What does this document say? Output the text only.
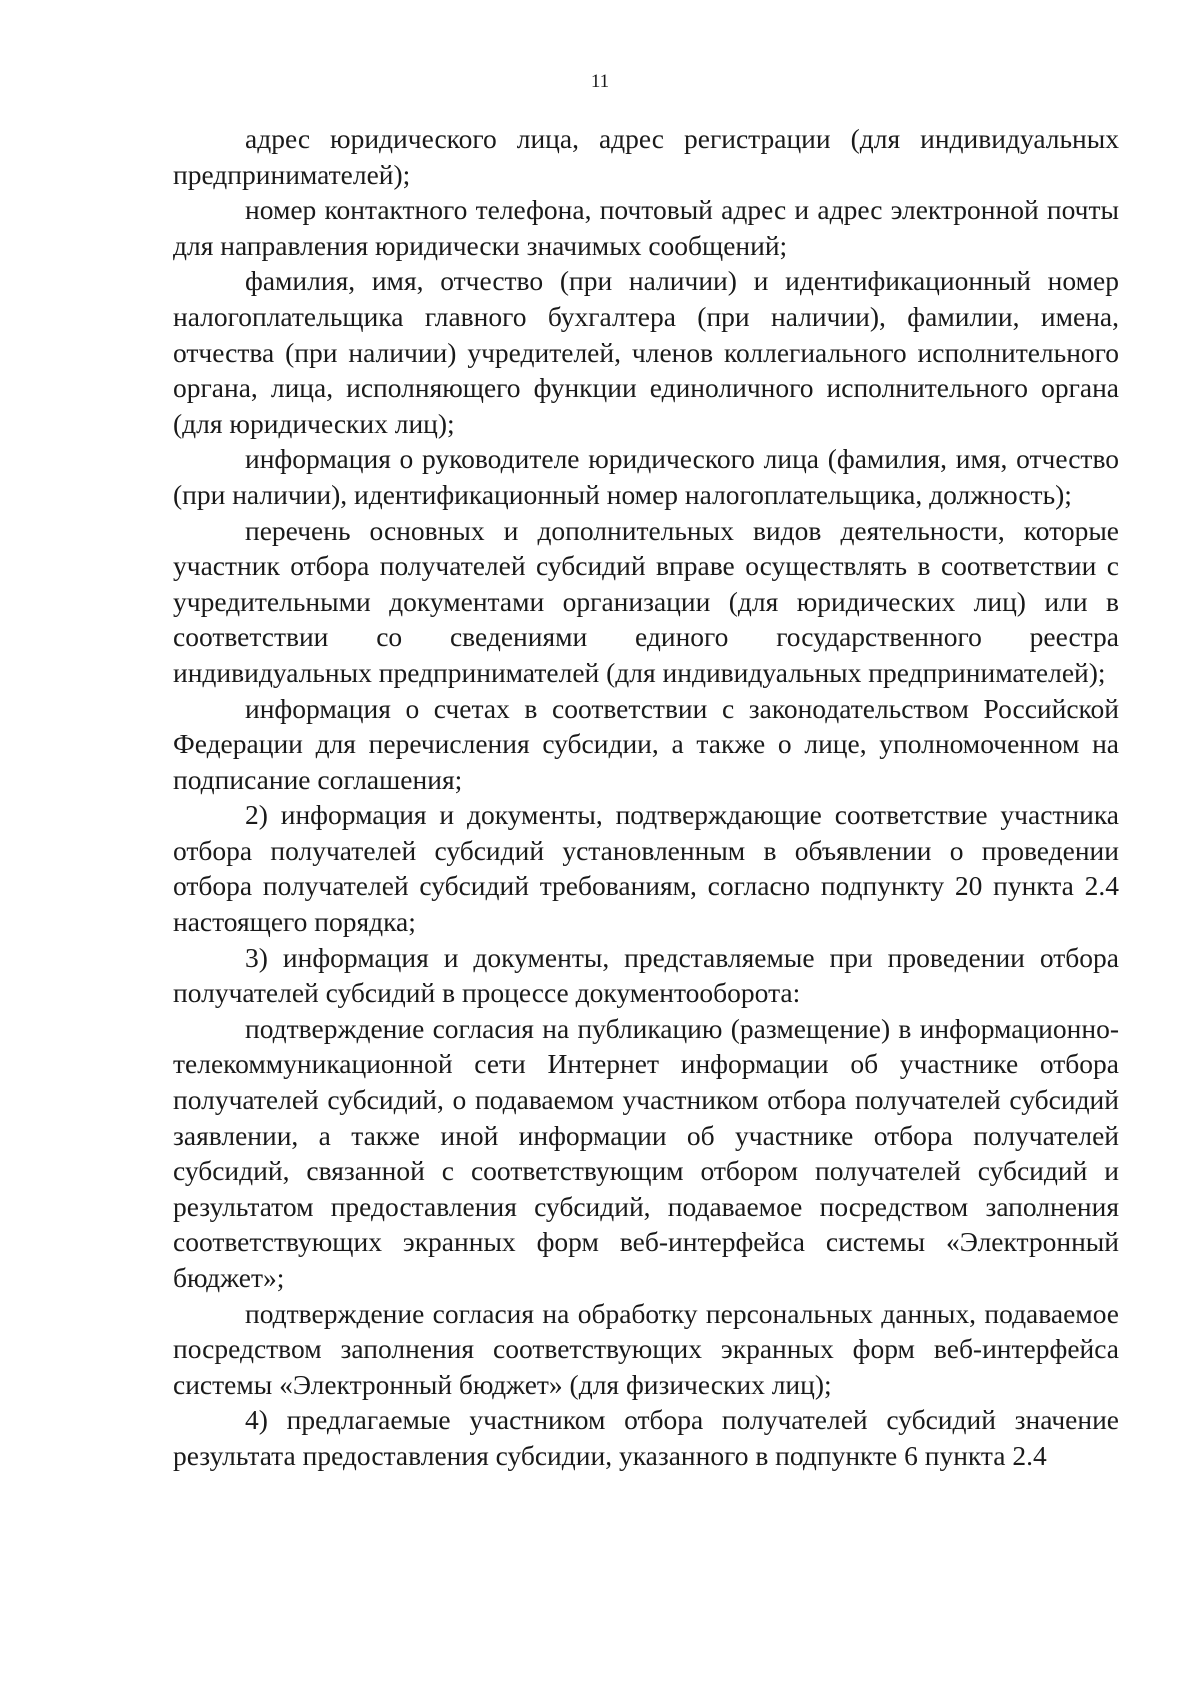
11

адрес юридического лица, адрес регистрации (для индивидуальных предпринимателей);

номер контактного телефона, почтовый адрес и адрес электронной почты для направления юридически значимых сообщений;

фамилия, имя, отчество (при наличии) и идентификационный номер налогоплательщика главного бухгалтера (при наличии), фамилии, имена, отчества (при наличии) учредителей, членов коллегиального исполнительного органа, лица, исполняющего функции единоличного исполнительного органа (для юридических лиц);

информация о руководителе юридического лица (фамилия, имя, отчество (при наличии), идентификационный номер налогоплательщика, должность);

перечень основных и дополнительных видов деятельности, которые участник отбора получателей субсидий вправе осуществлять в соответствии с учредительными документами организации (для юридических лиц) или в соответствии со сведениями единого государственного реестра индивидуальных предпринимателей (для индивидуальных предпринимателей);

информация о счетах в соответствии с законодательством Российской Федерации для перечисления субсидии, а также о лице, уполномоченном на подписание соглашения;

2) информация и документы, подтверждающие соответствие участника отбора получателей субсидий установленным в объявлении о проведении отбора получателей субсидий требованиям, согласно подпункту 20 пункта 2.4 настоящего порядка;

3) информация и документы, представляемые при проведении отбора получателей субсидий в процессе документооборота:

подтверждение согласия на публикацию (размещение) в информационно-телекоммуникационной сети Интернет информации об участнике отбора получателей субсидий, о подаваемом участником отбора получателей субсидий заявлении, а также иной информации об участнике отбора получателей субсидий, связанной с соответствующим отбором получателей субсидий и результатом предоставления субсидий, подаваемое посредством заполнения соответствующих экранных форм веб-интерфейса системы «Электронный бюджет»;

подтверждение согласия на обработку персональных данных, подаваемое посредством заполнения соответствующих экранных форм веб-интерфейса системы «Электронный бюджет» (для физических лиц);

4) предлагаемые участником отбора получателей субсидий значение результата предоставления субсидии, указанного в подпункте 6 пункта 2.4
